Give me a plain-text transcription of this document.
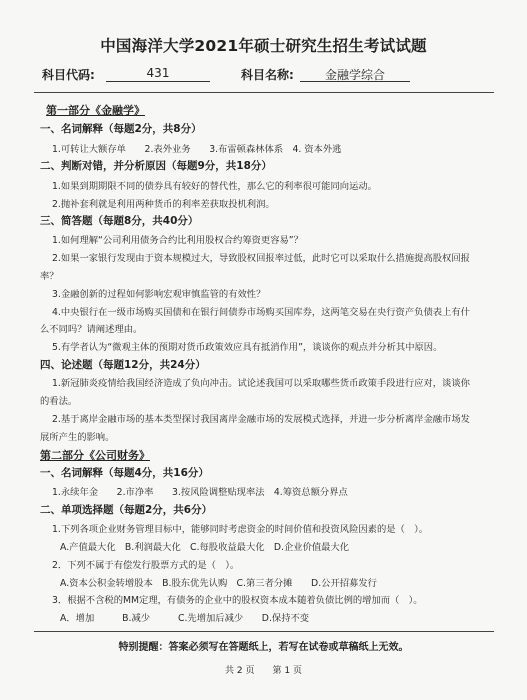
中国海洋大学2021年硕士研究生招生考试试题
科目代码:	431	科目名称:	金融学综合
第一部分《金融学》
一、名词解释（每题2分，共8分）
1.可转让大额存单　　2.表外业务　　3.布雷顿森林体系　4. 资本外逃
二、判断对错，并分析原因（每题9分，共18分）
1.如果到期期限不同的债券具有较好的替代性，那么它的利率很可能同向运动。
2.抛补套利就是利用两种货币的利率差获取投机利润。
三、简答题（每题8分，共40分）
1.如何理解“公司利用债务合约比利用股权合约筹资更容易”？
2.如果一家银行发现由于资本规模过大，导致股权回报率过低，此时它可以采取什么措施提高股权回报
率？
3.金融创新的过程如何影响宏观审慎监管的有效性？
4.中央银行在一级市场购买国债和在银行间债券市场购买国库券，这两笔交易在央行资产负债表上有什
么不同吗？请阐述理由。
5.有学者认为“微观主体的预期对货币政策效应具有抵消作用”，谈谈你的观点并分析其中原因。
四、论述题（每题12分，共24分）
1.新冠肺炎疫情给我国经济造成了负向冲击。试论述我国可以采取哪些货币政策手段进行应对，谈谈你
的看法。
2.基于离岸金融市场的基本类型探讨我国离岸金融市场的发展模式选择，并进一步分析离岸金融市场发
展所产生的影响。
第二部分《公司财务》
一、名词解释（每题4分，共16分）
1.永续年金　　2.市净率　　3.按风险调整贴现率法　4.筹资总额分界点
二、单项选择题（每题2分，共6分）
1.下列各项企业财务管理目标中，能够同时考虑资金的时间价值和投资风险因素的是（　）。
A.产值最大化　B.利润最大化　C.每股收益最大化　D.企业价值最大化
2．下列不属于有偿发行股票方式的是（　）。
A.资本公积金转增股本　B.股东优先认购　C.第三者分摊　　D.公开招募发行
3．根据不含税的MM定理，有债务的企业中的股权资本成本随着负债比例的增加而（　）。
A．增加　　　B.减少　　　C.先增加后减少　　D.保持不变
特别提醒：答案必须写在答题纸上，若写在试卷或草稿纸上无效。
共 2 页　　第 1 页
